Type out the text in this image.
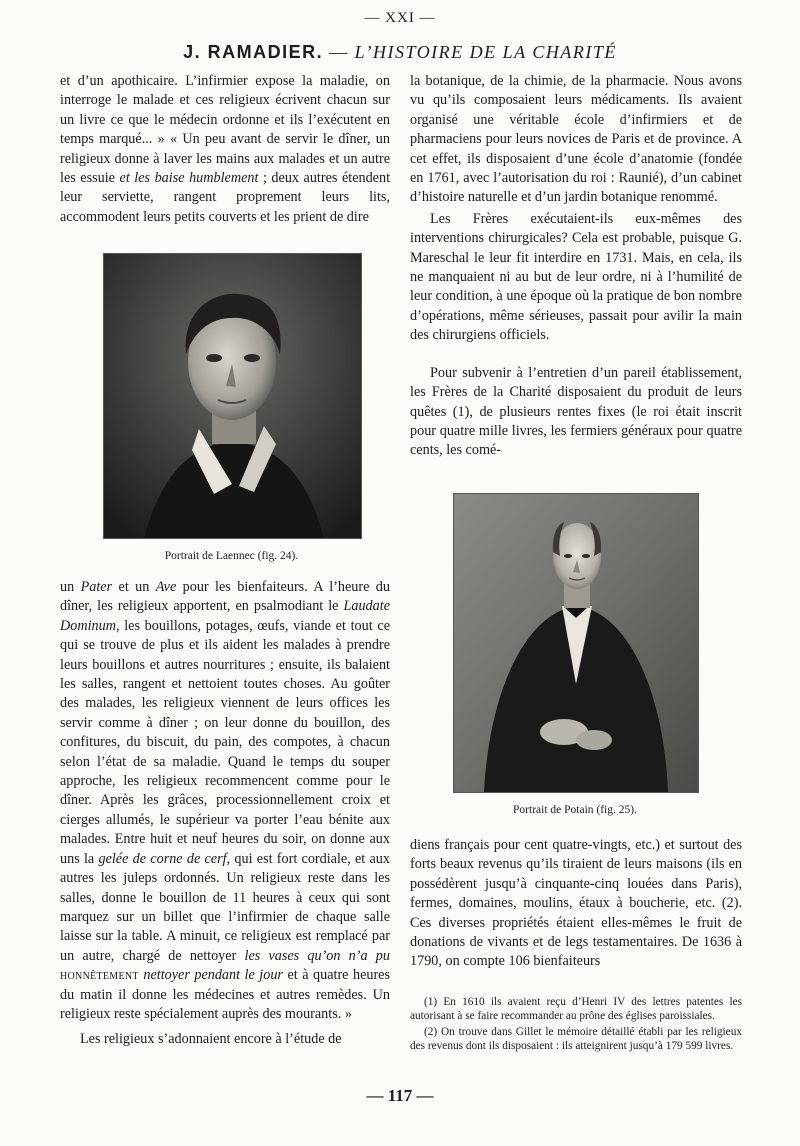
— XXI —
J. RAMADIER. — L’HISTOIRE DE LA CHARITÉ

et d’un apothicaire. L’infirmier expose la maladie, on interroge le malade et ces religieux écrivent chacun sur un livre ce que le médecin ordonne et ils l’exécutent en temps marqué... » « Un peu avant de servir le dîner, un religieux donne à laver les mains aux malades et un autre les essuie et les baise humblement ; deux autres étendent leur serviette, rangent proprement leurs lits, accommodent leurs petits couverts et les prient de dire

Portrait de Laennec (fig. 24).

un Pater et un Ave pour les bienfaiteurs. A l’heure du dîner, les religieux apportent, en psalmodiant le Laudate Dominum, les bouillons, potages, œufs, viande et tout ce qui se trouve de plus et ils aident les malades à prendre leurs bouillons et autres nourritures ; ensuite, ils balaient les salles, rangent et nettoient toutes choses. Au goûter des malades, les religieux viennent de leurs offices les servir comme à dîner ; on leur donne du bouillon, des confitures, du biscuit, du pain, des compotes, à chacun selon l’état de sa maladie. Quand le temps du souper approche, les religieux recommencent comme pour le dîner. Après les grâces, processionnellement croix et cierges allumés, le supérieur va porter l’eau bénite aux malades. Entre huit et neuf heures du soir, on donne aux uns la gelée de corne de cerf, qui est fort cordiale, et aux autres les juleps ordonnés. Un religieux reste dans les salles, donne le bouillon de 11 heures à ceux qui sont marquez sur un billet que l’infirmier de chaque salle laisse sur la table. A minuit, ce religieux est remplacé par un autre, chargé de nettoyer les vases qu’on n’a pu honnêtement nettoyer pendant le jour et à quatre heures du matin il donne les médecines et autres remèdes. Un religieux reste spécialement auprès des mourants. »

Les religieux s’adonnaient encore à l’étude de

la botanique, de la chimie, de la pharmacie. Nous avons vu qu’ils composaient leurs médicaments. Ils avaient organisé une véritable école d’infirmiers et de pharmaciens pour leurs novices de Paris et de province. A cet effet, ils disposaient d’une école d’anatomie (fondée en 1761, avec l’autorisation du roi : Raunié), d’un cabinet d’histoire naturelle et d’un jardin botanique renommé.

Les Frères exécutaient-ils eux-mêmes des interventions chirurgicales? Cela est probable, puisque G. Mareschal le leur fit interdire en 1731. Mais, en cela, ils ne manquaient ni au but de leur ordre, ni à l’humilité de leur condition, à une époque où la pratique de bon nombre d’opérations, même sérieuses, passait pour avilir la main des chirurgiens officiels.

Pour subvenir à l’entretien d’un pareil établissement, les Frères de la Charité disposaient du produit de leurs quêtes (1), de plusieurs rentes fixes (le roi était inscrit pour quatre mille livres, les fermiers généraux pour quatre cents, les comé-

Portrait de Potain (fig. 25).

diens français pour cent quatre-vingts, etc.) et surtout des forts beaux revenus qu’ils tiraient de leurs maisons (ils en possédèrent jusqu’à cinquante-cinq louées dans Paris), fermes, domaines, moulins, étaux à boucherie, etc. (2). Ces diverses propriétés étaient elles-mêmes le fruit de donations de vivants et de legs testamentaires. De 1636 à 1790, on compte 106 bienfaiteurs

(1) En 1610 ils avaient reçu d’Henri IV des lettres patentes les autorisant à se faire recommander au prône des églises paroissiales.

(2) On trouve dans Gillet le mémoire détaillé établi par les religieux des revenus dont ils disposaient : ils atteignirent jusqu’à 179 599 livres.

— 117 —
